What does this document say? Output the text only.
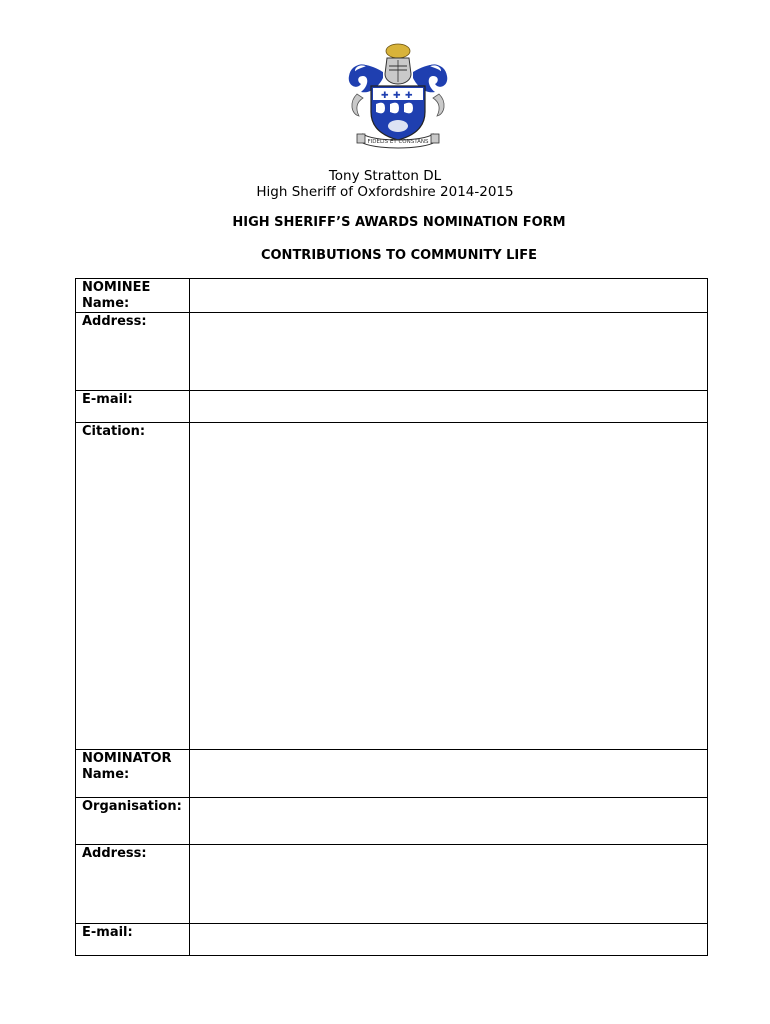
✚ ✚ ✚
FIDELIS ET CONSTANS
Tony Stratton DL
High Sheriff of Oxfordshire 2014-2015
HIGH SHERIFF’S AWARDS NOMINATION FORM
CONTRIBUTIONS TO COMMUNITY LIFE
NOMINEE
Name:	

Address:	

E-mail:	

Citation:	

NOMINATOR
Name:	

Organisation:	

Address:	

E-mail:	
